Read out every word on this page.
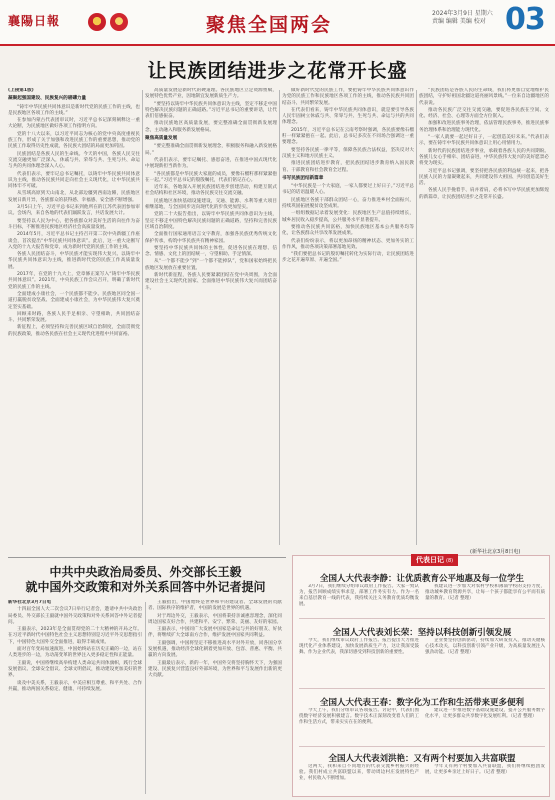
襄陽日報	聚焦全国两会
2024年3月9日 星期六
责编 编辑 美编 校对 03
让民族团结进步之花常开长盛

(上接第1版)

凝聚起强国建设、民族复兴的磅礴力量

“铸牢中华民族共同体意识是新时代党的民族工作的主线，也是民族地区各项工作的主线。”

在参加内蒙古代表团审议时，习近平总书记深刻阐释这一重大论断，为民族地区做好各项工作指明方向。

党的十八大以来，以习近平同志为核心的党中央高度重视民族工作，形成了关于加强和改进民族工作的重要思想，推动党的民族工作取得历史性成就，各民族大团结的局面更加巩固。

民族团结是各族人民的生命线。今天的中国，各族人民交往交流交融更加广泛深入，休戚与共、荣辱与共、生死与共、命运与共的共同体理念深入人心。

代表们表示，要牢记总书记嘱托，以铸牢中华民族共同体意识为主线，推动各民族共同走向社会主义现代化，让中华民族共同体牢不可破。

从雪域高原到天山南北，从北部边疆到西南边陲，民族地区发展日新月异，各族群众的获得感、幸福感、安全感不断增强。

3月5日上午，习近平总书记来到他所在的江苏代表团参加审议。会场内，来自各地的代表们踊跃发言，共话发展大计。

要坚持以人民为中心，把各族群众对美好生活的向往作为奋斗目标，不断推进民族地区经济社会高质量发展。

2014年5月，习近平总书记主持召开第二次中央新疆工作座谈会，首次提出“中华民族共同体意识”。此后，这一重大论断写入党的十九大报告和党章，成为新时代党的民族工作的主线。

各族人民团结奋斗，中华民族才能实现伟大复兴。以铸牢中华民族共同体意识为主线，推进新时代党的民族工作高质量发展。

2017年，在党的十九大上，党章修正案写入“铸牢中华民族共同体意识”。2021年，中央民族工作会议召开，明确了新时代党的民族工作的主线。

全面建成小康社会，一个民族都不能少。民族地区同全国一道打赢脱贫攻坚战、全面建成小康社会，为中华民族伟大复兴奠定坚实基础。

回顾来时路，各族人民手足相亲、守望相助，共同团结奋斗、共同繁荣发展。

新征程上，必须坚持和完善民族区域自治制度，全面贯彻党的民族政策，推动各民族在社会主义现代化进程中共同富裕。

高质量发展是新时代的硬道理。各民族地区立足资源禀赋，发展特色优势产业，因地制宜发展新质生产力。

“要坚持以铸牢中华民族共同体意识为主线，坚定不移走中国特色解决民族问题的正确道路。”习近平总书记的重要讲话，让代表们倍感振奋。

推动民族地区高质量发展，要完整准确全面贯彻新发展理念，主动融入和服务新发展格局。

聚焦高质量发展

“要完整准确全面贯彻新发展理念，积极服务和融入新发展格局。”

代表们表示，要牢记嘱托、感恩奋进，在推进中国式现代化中展现新担当新作为。

“各民族都是中华民族大家庭的成员，要像石榴籽那样紧紧抱在一起。”习近平总书记的殷殷嘱托，代表们铭记在心。

近年来，各地深入开展民族团结进步创建活动，构建互嵌式社会结构和社区环境，推动各民族交往交流交融。

民族地区加快基础设施建设，交通、能源、水利等重大项目相继落地，与全国同步迈向现代化的步伐更加坚实。

党的二十大报告指出，以铸牢中华民族共同体意识为主线，坚定不移走中国特色解决民族问题的正确道路，坚持和完善民族区域自治制度。

全面推行国家通用语言文字教育，加强各民族优秀传统文化保护传承，构筑中华民族共有精神家园。

要坚持中华民族共同体的主体性，促进各民族在理想、信念、情感、文化上的团结统一，守望相助、手足情深。

从“一个都不能少”到“一个都不能掉队”，党和国家始终把民族地区发展放在重要位置。

新时代新征程，各族人民要紧紧团结在党中央周围，为全面建设社会主义现代化国家、全面推进中华民族伟大复兴而团结奋斗。

做好新时代党的民族工作，要把铸牢中华民族共同体意识作为党的民族工作和民族地区各项工作的主线，推动各民族共同团结奋斗、共同繁荣发展。

在代表们看来，铸牢中华民族共同体意识，就是要引导各族人民牢固树立休戚与共、荣辱与共、生死与共、命运与共的共同体理念。

2015年，习近平总书记在云南考察时强调，各民族要像石榴籽一样紧紧抱在一起。此后，总书记多次在不同场合强调这一重要理念。

要坚持各民族一律平等，保障各民族合法权益，坚决反对大汉族主义和地方民族主义。

推进民族团结进步教育，把民族团结进步教育纳入国民教育、干部教育和社会教育全过程。

书写民族团结新篇章

“中华民族是一个大家庭，一家人都要过上好日子。”习近平总书记的话语温暖人心。

民族地区各族干部群众团结一心，奋力推进乡村全面振兴，持续巩固拓展脱贫攻坚成果。

一组组数据记录着发展变化：民族地区生产总值持续增长，城乡居民收入稳步提高，公共服务水平显著提升。

要推动各民族共同富裕，加快民族地区基本公共服务均等化，让各族群众共享改革发展成果。

代表们纷纷表示，将以更加昂扬的精神状态、更加务实的工作作风，推动各项决策部署落地见效。

“我们要把总书记的殷切嘱托转化为实际行动，让民族团结进步之花开遍草原、开遍全国。”

“民族团结是各族人民的生命线，我们将更加自觉地维护民族团结，守护好祖国北疆这道亮丽风景线。”一位来自边疆地区的代表说。

推动各民族广泛交往交流交融，要促进各民族在空间、文化、经济、社会、心理等方面全方位嵌入。

加强和改进民族事务治理，依法管理民族事务，推进民族事务治理体系和治理能力现代化。

“一家人就要一起过好日子，一起创造美好未来。”代表们表示，要在铸牢中华民族共同体意识上用心用情用力。

新时代的民族团结进步事业，承载着各族人民的共同期盼。各族儿女心手相牵、团结奋进，中华民族伟大复兴的美好愿景必将变为现实。

习近平总书记强调，要坚持把各民族的利益统一起来，把各民族人民的力量凝聚起来，共同建设伟大祖国、共同创造美好生活。

各族人民手挽着手、肩并着肩，必将书写中华民族更加辉煌的新篇章，让民族团结进步之花常开长盛。

(新华社北京3月8日电)
中共中央政治局委员、外交部长王毅
就中国外交政策和对外关系回答中外记者提问

新华社北京3月7日电

十四届全国人大二次会议7日举行记者会，邀请中共中央政治局委员、外交部长王毅就中国外交政策和对外关系回答中外记者提问。

王毅表示，2023年是全面贯彻党的二十大精神的开局之年。在习近平新时代中国特色社会主义思想特别是习近平外交思想指引下，中国特色大国外交全面推进，取得丰硕成果。

面对百年变局加速演进，中国始终站在历史正确的一边，站在人类进步的一边，为动荡变革的世界注入更多稳定性和正能量。

王毅说，中国将继续高举构建人类命运共同体旗帜，践行全球发展倡议、全球安全倡议、全球文明倡议，推动建设更加美好的世界。

谈及中美关系，王毅表示，中美应相互尊重、和平共处、合作共赢，推动两国关系稳定、健康、可持续发展。

王毅指出，中国始终是世界和平的建设者、全球发展的贡献者、国际秩序的维护者，中国的发展是世界的机遇。

对于周边外交，王毅表示，中国将秉持亲诚惠容理念，深化同周边国家友好合作，共建和平、安宁、繁荣、美丽、友好的家园。

王毅表示，中国同广大发展中国家是命运与共的好朋友、好伙伴，将继续扩大全球南方合作，维护发展中国家共同利益。

王毅强调，中国将坚定不移推进高水平对外开放，同各国分享发展机遇，推动经济全球化朝着更加开放、包容、普惠、平衡、共赢的方向发展。

王毅最后表示，新的一年，中国外交将坚持胸怀天下，为强国建设、民族复兴营造良好外部环境，为世界和平与发展作出新的更大贡献。

代表日记 (8)
全国人大代表李静：让优质教育公平地惠及每一位学生

3月7日，我们继续分组审议政府工作报告。大家一致认为，报告回顾成绩实事求是，部署工作务实有力。作为一名来自基层教育一线的代表，我持续关注义务教育优质均衡发展。

我建议进一步加大对农村学校和薄弱学校的支持力度，推动城乡教育资源共享，让每一个孩子都能享有公平而有质量的教育。（记者 整理）

全国人大代表刘长荣：坚持以科技创新引领发展

今天，我们继续审议政府工作报告。报告提出大力推进现代化产业体系建设，加快发展新质生产力，这让我深受鼓舞。作为企业代表，我深切感受到科技创新的重要性。

企业要坚持创新驱动，持续加大研发投入，推动关键核心技术攻关，以科技创新引领产业升级，为高质量发展注入强劲动能。（记者 整理）

全国人大代表王春：数字化为工作和生活带来更多便利

今天上午，我们分组审议各项报告。讨论中，代表们围绕数字经济发展积极建言。数字技术正深刻改变着人们的工作和生活方式，带来实实在在的便利。

建议进一步推进数字基础设施建设，提升公共服务数字化水平，让更多群众共享数字化发展红利。（记者 整理）

全国人大代表刘洪艳：又有两个村要加入共富联盟

这两天，我和来自不同地方的代表交流乡村振兴的经验。我们村成立共富联盟以来，带动周边村庄发展特色产业，村民收入不断增加。

今年又有两个村要加入共富联盟，我们将继续抱团发展，让更多乡亲过上好日子。（记者 整理）
